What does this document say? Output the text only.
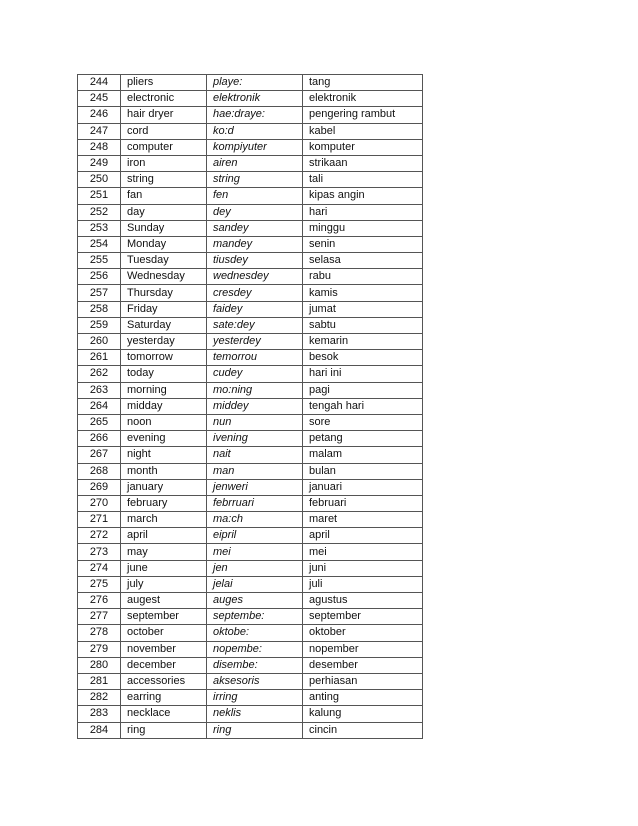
244	pliers	playe:	tang
245	electronic	elektronik	elektronik
246	hair dryer	hae:draye:	pengering rambut
247	cord	ko:d	kabel
248	computer	kompiyuter	komputer
249	iron	airen	strikaan
250	string	string	tali
251	fan	fen	kipas angin
252	day	dey	hari
253	Sunday	sandey	minggu
254	Monday	mandey	senin
255	Tuesday	tiusdey	selasa
256	Wednesday	wednesdey	rabu
257	Thursday	cresdey	kamis
258	Friday	faidey	jumat
259	Saturday	sate:dey	sabtu
260	yesterday	yesterdey	kemarin
261	tomorrow	temorrou	besok
262	today	cudey	hari ini
263	morning	mo:ning	pagi
264	midday	middey	tengah hari
265	noon	nun	sore
266	evening	ivening	petang
267	night	nait	malam
268	month	man	bulan
269	january	jenweri	januari
270	february	febrruari	februari
271	march	ma:ch	maret
272	april	eipril	april
273	may	mei	mei
274	june	jen	juni
275	july	jelai	juli
276	augest	auges	agustus
277	september	septembe:	september
278	october	oktobe:	oktober
279	november	nopembe:	nopember
280	december	disembe:	desember
281	accessories	aksesoris	perhiasan
282	earring	irring	anting
283	necklace	neklis	kalung
284	ring	ring	cincin
